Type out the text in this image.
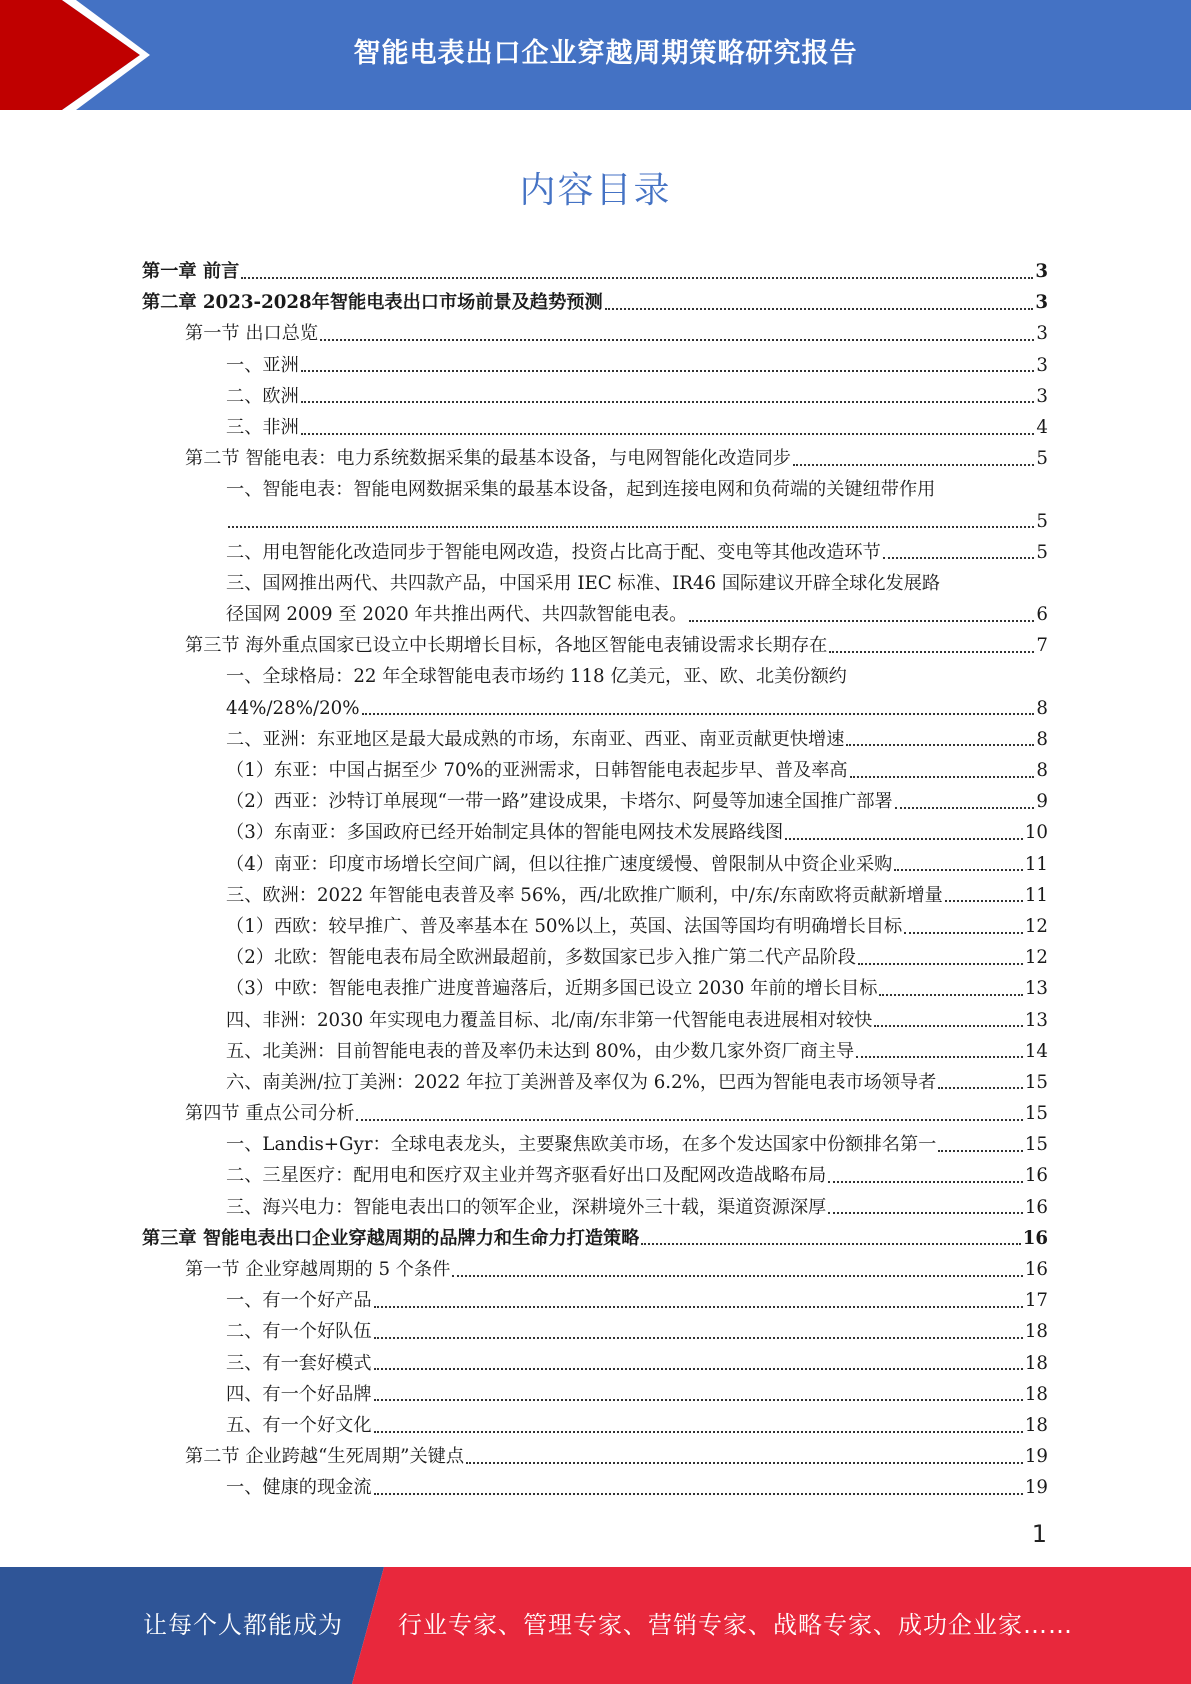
智能电表出口企业穿越周期策略研究报告
内容目录
第一章 前言	3
第二章 2023-2028年智能电表出口市场前景及趋势预测	3
第一节 出口总览	3
一、亚洲	3
二、欧洲	3
三、非洲	4
第二节 智能电表：电力系统数据采集的最基本设备，与电网智能化改造同步	5
一、智能电表：智能电网数据采集的最基本设备，起到连接电网和负荷端的关键纽带作用
5
二、用电智能化改造同步于智能电网改造，投资占比高于配、变电等其他改造环节	5
三、国网推出两代、共四款产品，中国采用 IEC 标准、IR46 国际建议开辟全球化发展路
径国网 2009 至 2020 年共推出两代、共四款智能电表。	6
第三节 海外重点国家已设立中长期增长目标，各地区智能电表铺设需求长期存在	7
一、全球格局：22 年全球智能电表市场约 118 亿美元，亚、欧、北美份额约
44%/28%/20%	8
二、亚洲：东亚地区是最大最成熟的市场，东南亚、西亚、南亚贡献更快增速	8
（1）东亚：中国占据至少 70%的亚洲需求，日韩智能电表起步早、普及率高	8
（2）西亚：沙特订单展现“一带一路”建设成果，卡塔尔、阿曼等加速全国推广部署	9
（3）东南亚：多国政府已经开始制定具体的智能电网技术发展路线图	10
（4）南亚：印度市场增长空间广阔，但以往推广速度缓慢、曾限制从中资企业采购	11
三、欧洲：2022 年智能电表普及率 56%，西/北欧推广顺利，中/东/东南欧将贡献新增量	11
（1）西欧：较早推广、普及率基本在 50%以上，英国、法国等国均有明确增长目标	12
（2）北欧：智能电表布局全欧洲最超前，多数国家已步入推广第二代产品阶段	12
（3）中欧：智能电表推广进度普遍落后，近期多国已设立 2030 年前的增长目标	13
四、非洲：2030 年实现电力覆盖目标、北/南/东非第一代智能电表进展相对较快	13
五、北美洲：目前智能电表的普及率仍未达到 80%，由少数几家外资厂商主导	14
六、南美洲/拉丁美洲：2022 年拉丁美洲普及率仅为 6.2%，巴西为智能电表市场领导者	15
第四节 重点公司分析	15
一、Landis+Gyr：全球电表龙头，主要聚焦欧美市场，在多个发达国家中份额排名第一	15
二、三星医疗：配用电和医疗双主业并驾齐驱看好出口及配网改造战略布局	16
三、海兴电力：智能电表出口的领军企业，深耕境外三十载，渠道资源深厚	16
第三章 智能电表出口企业穿越周期的品牌力和生命力打造策略	16
第一节 企业穿越周期的 5 个条件	16
一、有一个好产品	17
二、有一个好队伍	18
三、有一套好模式	18
四、有一个好品牌	18
五、有一个好文化	18
第二节 企业跨越“生死周期”关键点	19
一、健康的现金流	19
1
让每个人都能成为 行业专家、管理专家、营销专家、战略专家、成功企业家……
